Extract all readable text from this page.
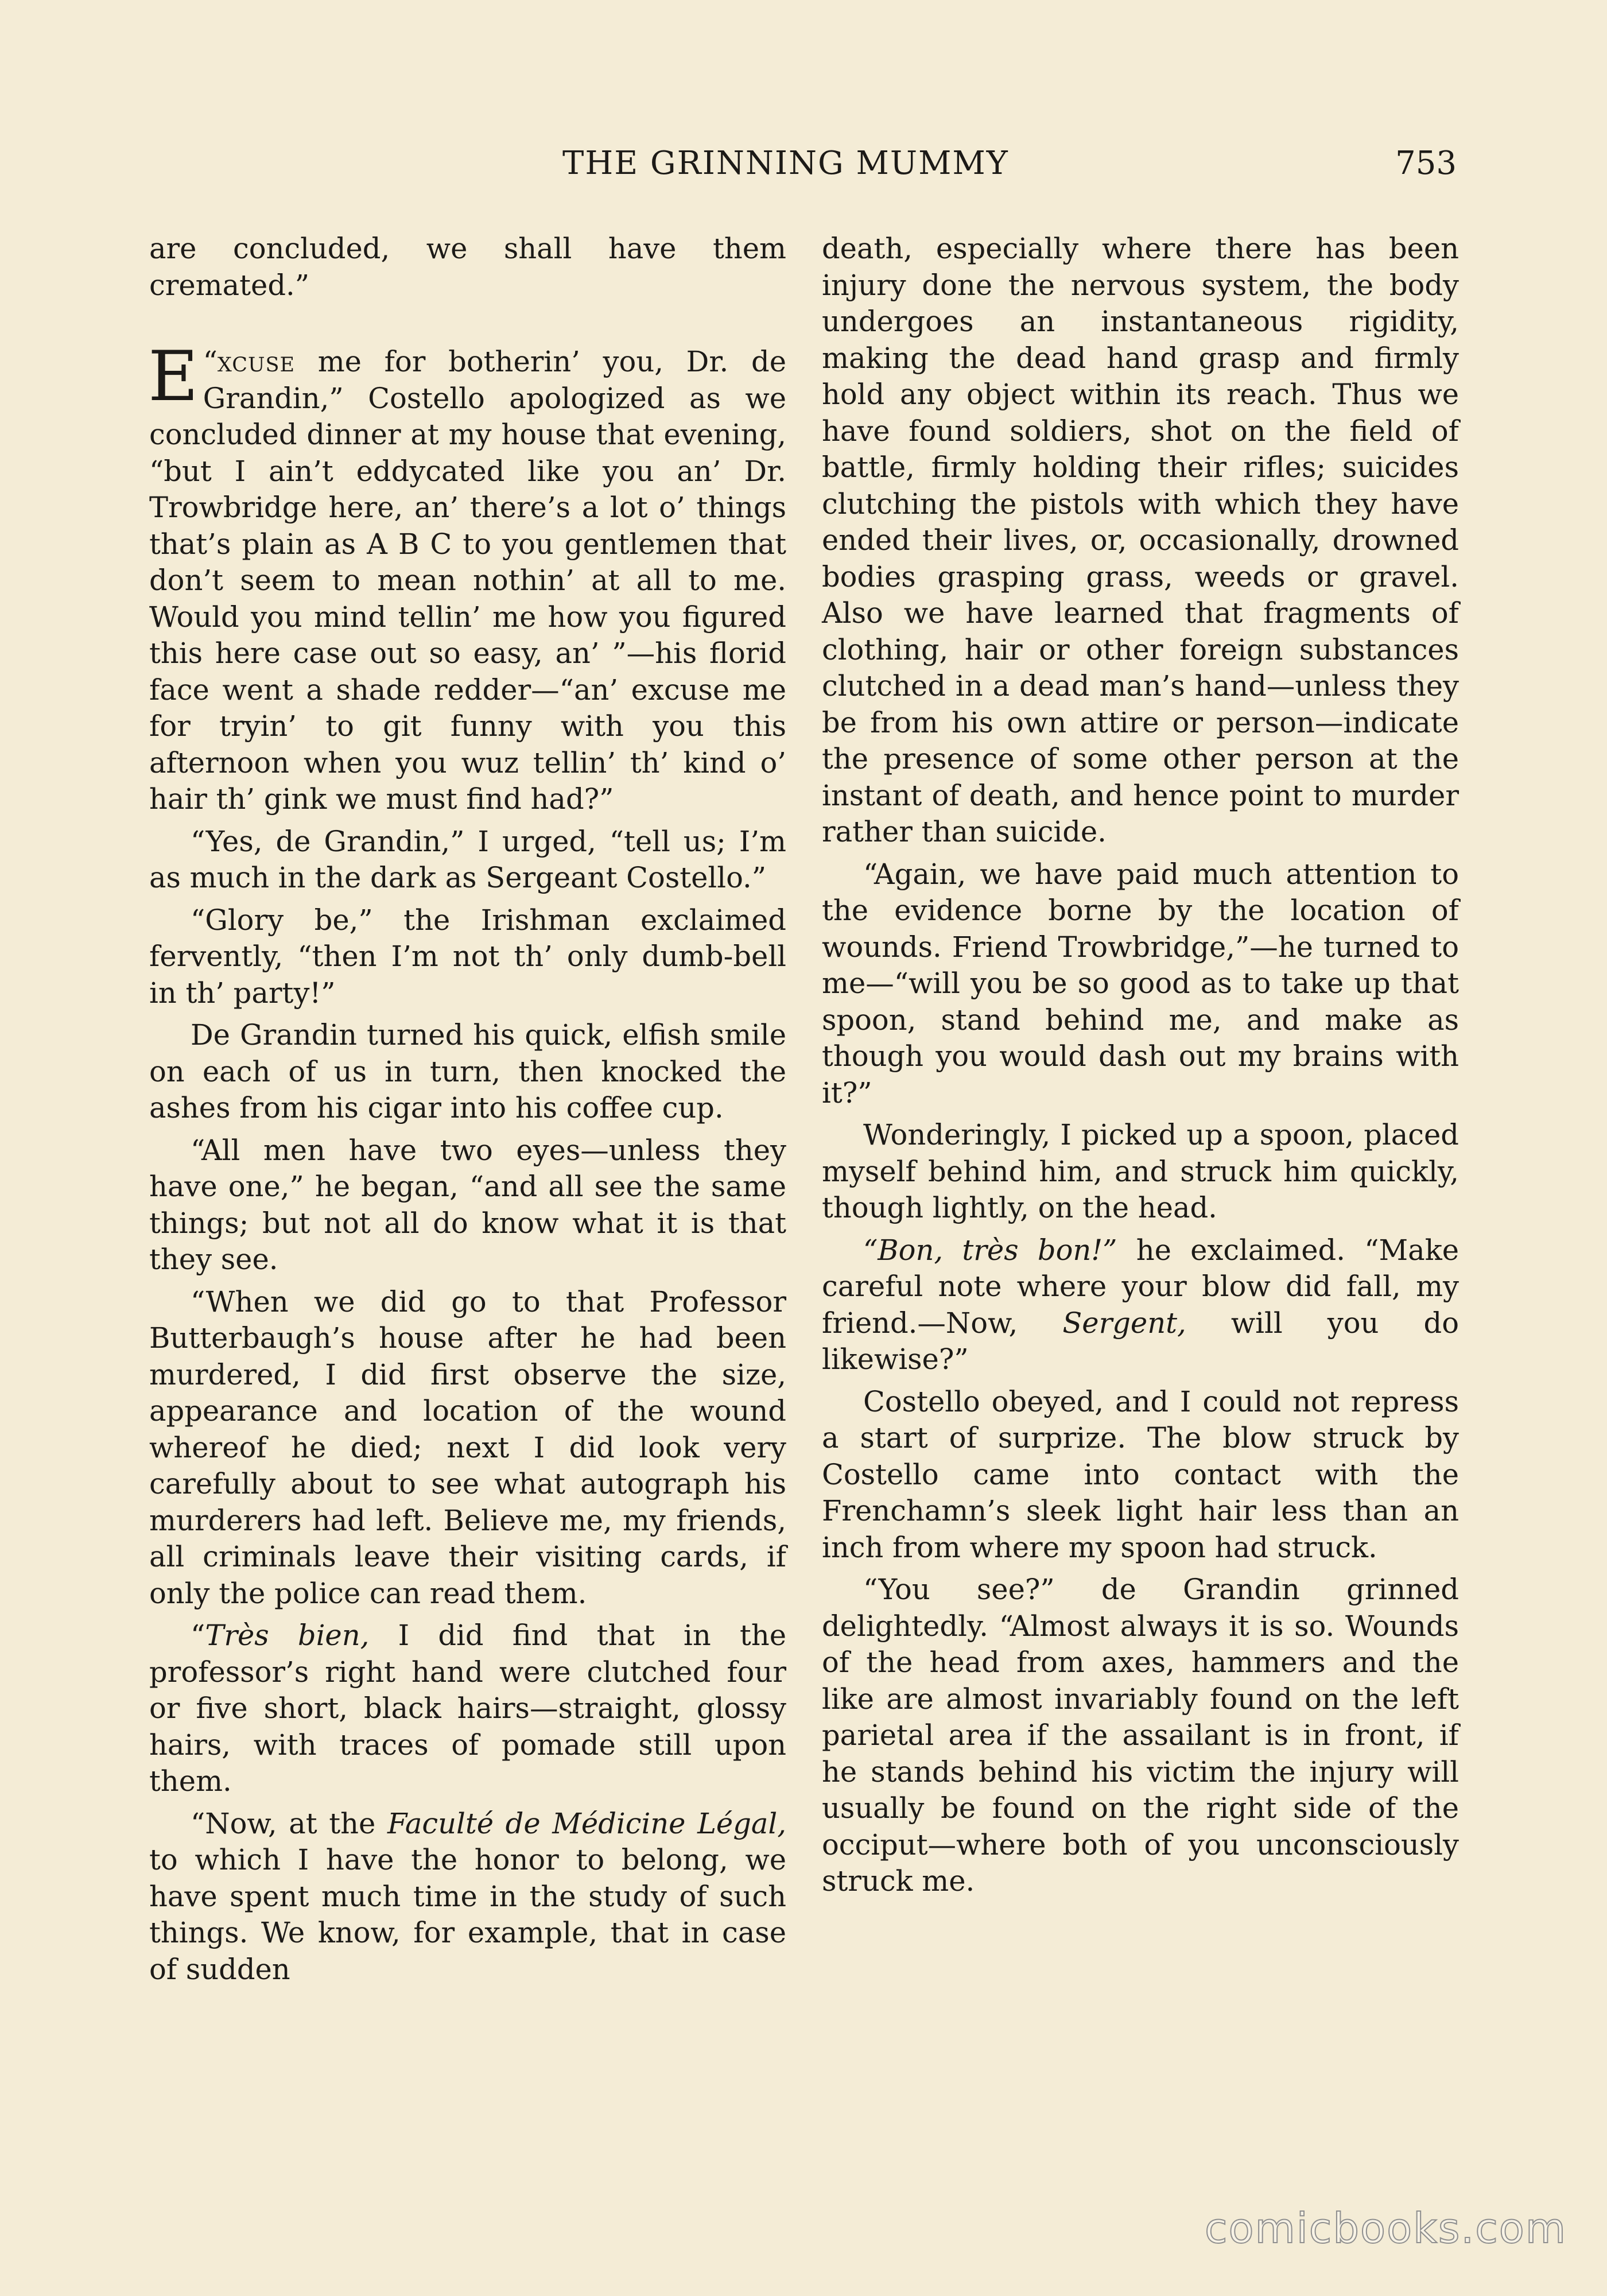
THE GRINNING MUMMY	753

are concluded, we shall have them cremated.”

“
E xcuse me for botherin’ you, Dr. de Grandin,” Costello apologized as we concluded dinner at my house that evening, “but I ain’t eddycated like you an’ Dr. Trowbridge here, an’ there’s a lot o’ things that’s plain as A B C to you gentlemen that don’t seem to mean nothin’ at all to me. Would you mind tellin’ me how you figured this here case out so easy, an’ ”—his florid face went a shade redder—“an’ excuse me for tryin’ to git funny with you this afternoon when you wuz tellin’ th’ kind o’ hair th’ gink we must find had?”

“Yes, de Grandin,” I urged, “tell us; I’m as much in the dark as Sergeant Costello.”

“Glory be,” the Irishman exclaimed fervently, “then I’m not th’ only dumb-bell in th’ party!”

De Grandin turned his quick, elfish smile on each of us in turn, then knocked the ashes from his cigar into his coffee cup.

“All men have two eyes—unless they have one,” he began, “and all see the same things; but not all do know what it is that they see.

“When we did go to that Professor Butterbaugh’s house after he had been murdered, I did first observe the size, appearance and location of the wound whereof he died; next I did look very carefully about to see what autograph his murderers had left. Believe me, my friends, all criminals leave their visiting cards, if only the police can read them.

“Très bien, I did find that in the professor’s right hand were clutched four or five short, black hairs—straight, glossy hairs, with traces of pomade still upon them.

“Now, at the Faculté de Médicine Légal, to which I have the honor to belong, we have spent much time in the study of such things. We know, for example, that in case of sudden

death, especially where there has been injury done the nervous system, the body undergoes an instantaneous rigidity, making the dead hand grasp and firmly hold any object within its reach. Thus we have found soldiers, shot on the field of battle, firmly holding their rifles; suicides clutching the pistols with which they have ended their lives, or, occasionally, drowned bodies grasping grass, weeds or gravel. Also we have learned that fragments of clothing, hair or other foreign substances clutched in a dead man’s hand—unless they be from his own attire or person—indicate the presence of some other person at the instant of death, and hence point to murder rather than suicide.

“Again, we have paid much attention to the evidence borne by the location of wounds. Friend Trowbridge,”—he turned to me—“will you be so good as to take up that spoon, stand behind me, and make as though you would dash out my brains with it?”

Wonderingly, I picked up a spoon, placed myself behind him, and struck him quickly, though lightly, on the head.

“Bon, très bon!” he exclaimed. “Make careful note where your blow did fall, my friend.—Now, Sergent, will you do likewise?”

Costello obeyed, and I could not repress a start of surprize. The blow struck by Costello came into contact with the Frenchamn’s sleek light hair less than an inch from where my spoon had struck.

“You see?” de Grandin grinned delightedly. “Almost always it is so. Wounds of the head from axes, hammers and the like are almost invariably found on the left parietal area if the assailant is in front, if he stands behind his victim the injury will usually be found on the right side of the occiput—where both of you unconsciously struck me.

comicbooks.com
